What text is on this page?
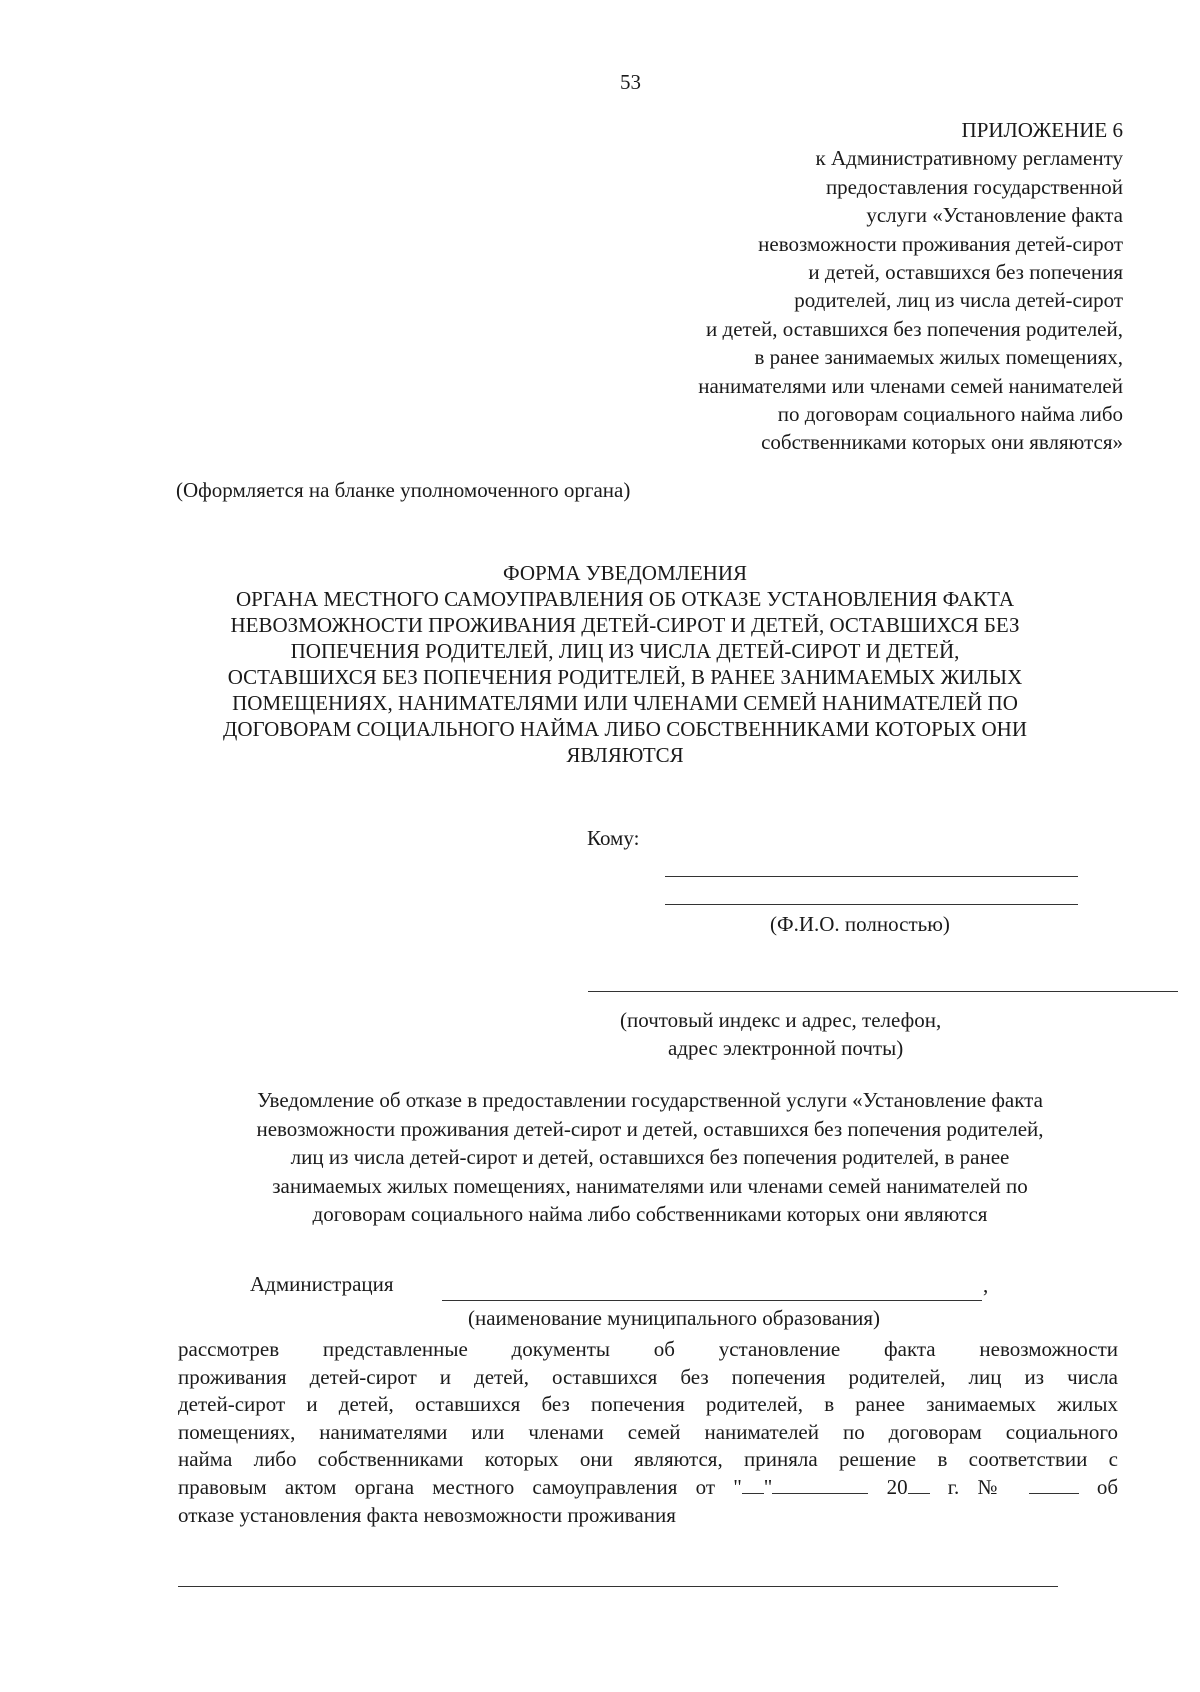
53
ПРИЛОЖЕНИЕ 6
к Административному регламенту
предоставления государственной
услуги «Установление факта
невозможности проживания детей-сирот
и детей, оставшихся без попечения
родителей, лиц из числа детей-сирот
и детей, оставшихся без попечения родителей,
в ранее занимаемых жилых помещениях,
нанимателями или членами семей нанимателей
по договорам социального найма либо
собственниками которых они являются»
(Оформляется на бланке уполномоченного органа)
ФОРМА УВЕДОМЛЕНИЯ
ОРГАНА МЕСТНОГО САМОУПРАВЛЕНИЯ ОБ ОТКАЗЕ УСТАНОВЛЕНИЯ ФАКТА
НЕВОЗМОЖНОСТИ ПРОЖИВАНИЯ ДЕТЕЙ-СИРОТ И ДЕТЕЙ, ОСТАВШИХСЯ БЕЗ
ПОПЕЧЕНИЯ РОДИТЕЛЕЙ, ЛИЦ ИЗ ЧИСЛА ДЕТЕЙ-СИРОТ И ДЕТЕЙ,
ОСТАВШИХСЯ БЕЗ ПОПЕЧЕНИЯ РОДИТЕЛЕЙ, В РАНЕЕ ЗАНИМАЕМЫХ ЖИЛЫХ
ПОМЕЩЕНИЯХ, НАНИМАТЕЛЯМИ ИЛИ ЧЛЕНАМИ СЕМЕЙ НАНИМАТЕЛЕЙ ПО
ДОГОВОРАМ СОЦИАЛЬНОГО НАЙМА ЛИБО СОБСТВЕННИКАМИ КОТОРЫХ ОНИ
ЯВЛЯЮТСЯ
Кому:
(Ф.И.О. полностью)
(почтовый индекс и адрес, телефон,
адрес электронной почты)
Уведомление об отказе в предоставлении государственной услуги «Установление факта
невозможности проживания детей-сирот и детей, оставшихся без попечения родителей,
лиц из числа детей-сирот и детей, оставшихся без попечения родителей, в ранее
занимаемых жилых помещениях, нанимателями или членами семей нанимателей по
договорам социального найма либо собственниками которых они являются
Администрация	,
(наименование муниципального образования)
рассмотрев представленные документы об установление факта невозможности
проживания детей-сирот и детей, оставшихся без попечения родителей, лиц из числа
детей-сирот и детей, оставшихся без попечения родителей, в ранее занимаемых жилых
помещениях, нанимателями или членами семей нанимателей по договорам социального
найма либо собственниками которых они являются, приняла решение в соответствии с
правовым актом органа местного самоуправления от " "	20 г. №	об
отказе установления факта невозможности проживания
